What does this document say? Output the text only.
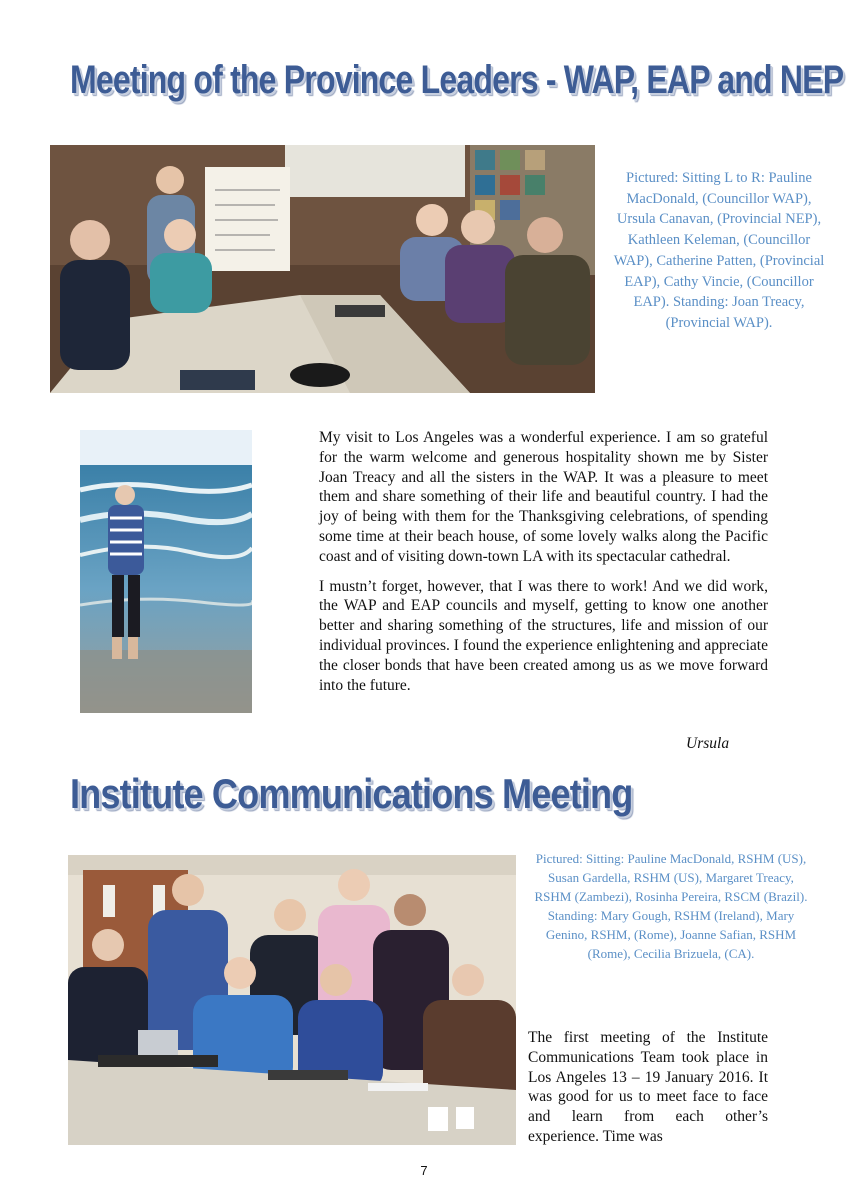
Meeting of the Province Leaders - WAP, EAP and NEP
Pictured: Sitting L to R: Pauline MacDonald, (Councillor WAP), Ursula Canavan, (Provincial NEP), Kathleen Keleman, (Councillor WAP), Catherine Patten, (Provincial EAP), Cathy Vincie, (Councillor EAP). Standing: Joan Treacy, (Provincial WAP).

My visit to Los Angeles was a wonderful experience. I am so grateful for the warm welcome and generous hospitality shown me by Sister Joan Treacy and all the sisters in the WAP. It was a pleasure to meet them and share something of their life and beautiful country. I had the joy of being with them for the Thanksgiving celebrations, of spending some time at their beach house, of some lovely walks along the Pacific coast and of visiting down-town LA with its spectacular cathedral.

I mustn’t forget, however, that I was there to work! And we did work, the WAP and EAP councils and myself, getting to know one another better and sharing something of the structures, life and mission of our individual provinces. I found the experience enlightening and appreciate the closer bonds that have been created among us as we move forward into the future.

Ursula
Institute Communications Meeting
Pictured: Sitting: Pauline MacDonald, RSHM (US), Susan Gardella, RSHM (US), Margaret Treacy, RSHM (Zambezi), Rosinha Pereira, RSCM (Brazil). Standing: Mary Gough, RSHM (Ireland), Mary Genino, RSHM, (Rome), Joanne Safian, RSHM (Rome), Cecilia Brizuela, (CA).
The first meeting of the Institute Communications Team took place in Los Angeles 13 – 19 January 2016. It was good for us to meet face to face and learn from each other’s experience. Time was
7
